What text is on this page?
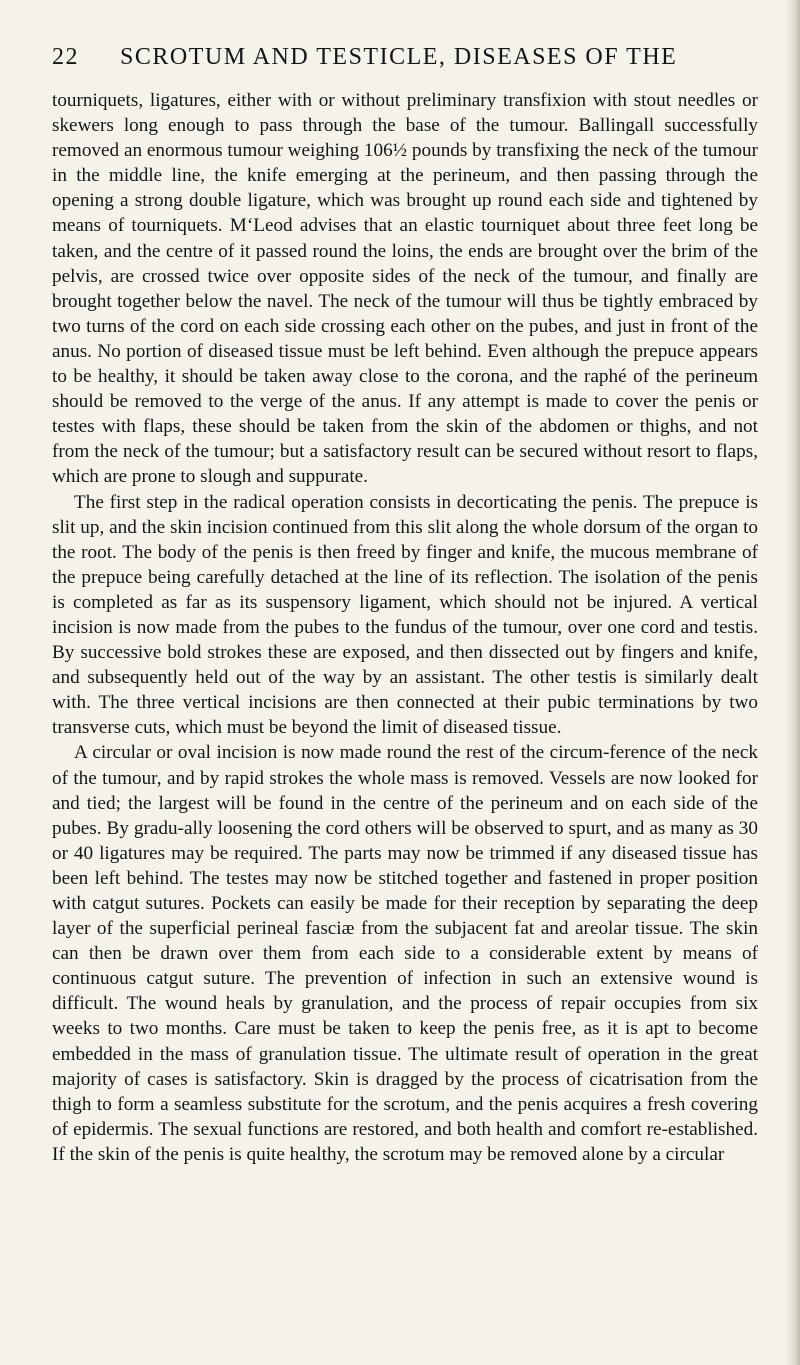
22 SCROTUM AND TESTICLE, DISEASES OF THE

tourniquets, ligatures, either with or without preliminary transfixion with stout needles or skewers long enough to pass through the base of the tumour. Ballingall successfully removed an enormous tumour weighing 106½ pounds by transfixing the neck of the tumour in the middle line, the knife emerging at the perineum, and then passing through the opening a strong double ligature, which was brought up round each side and tightened by means of tourniquets. M‘Leod advises that an elastic tourniquet about three feet long be taken, and the centre of it passed round the loins, the ends are brought over the brim of the pelvis, are crossed twice over opposite sides of the neck of the tumour, and finally are brought together below the navel. The neck of the tumour will thus be tightly embraced by two turns of the cord on each side crossing each other on the pubes, and just in front of the anus. No portion of diseased tissue must be left behind. Even although the prepuce appears to be healthy, it should be taken away close to the corona, and the raphé of the perineum should be removed to the verge of the anus. If any attempt is made to cover the penis or testes with flaps, these should be taken from the skin of the abdomen or thighs, and not from the neck of the tumour; but a satisfactory result can be secured without resort to flaps, which are prone to slough and suppurate.

The first step in the radical operation consists in decorticating the penis. The prepuce is slit up, and the skin incision continued from this slit along the whole dorsum of the organ to the root. The body of the penis is then freed by finger and knife, the mucous membrane of the prepuce being carefully detached at the line of its reflection. The isolation of the penis is completed as far as its suspensory ligament, which should not be injured. A vertical incision is now made from the pubes to the fundus of the tumour, over one cord and testis. By successive bold strokes these are exposed, and then dissected out by fingers and knife, and subsequently held out of the way by an assistant. The other testis is similarly dealt with. The three vertical incisions are then connected at their pubic terminations by two transverse cuts, which must be beyond the limit of diseased tissue.

A circular or oval incision is now made round the rest of the circum-ference of the neck of the tumour, and by rapid strokes the whole mass is removed. Vessels are now looked for and tied; the largest will be found in the centre of the perineum and on each side of the pubes. By gradu-ally loosening the cord others will be observed to spurt, and as many as 30 or 40 ligatures may be required. The parts may now be trimmed if any diseased tissue has been left behind. The testes may now be stitched together and fastened in proper position with catgut sutures. Pockets can easily be made for their reception by separating the deep layer of the superficial perineal fasciæ from the subjacent fat and areolar tissue. The skin can then be drawn over them from each side to a considerable extent by means of continuous catgut suture. The prevention of infection in such an extensive wound is difficult. The wound heals by granulation, and the process of repair occupies from six weeks to two months. Care must be taken to keep the penis free, as it is apt to become embedded in the mass of granulation tissue. The ultimate result of operation in the great majority of cases is satisfactory. Skin is dragged by the process of cicatrisation from the thigh to form a seamless substitute for the scrotum, and the penis acquires a fresh covering of epidermis. The sexual functions are restored, and both health and comfort re-established. If the skin of the penis is quite healthy, the scrotum may be removed alone by a circular
